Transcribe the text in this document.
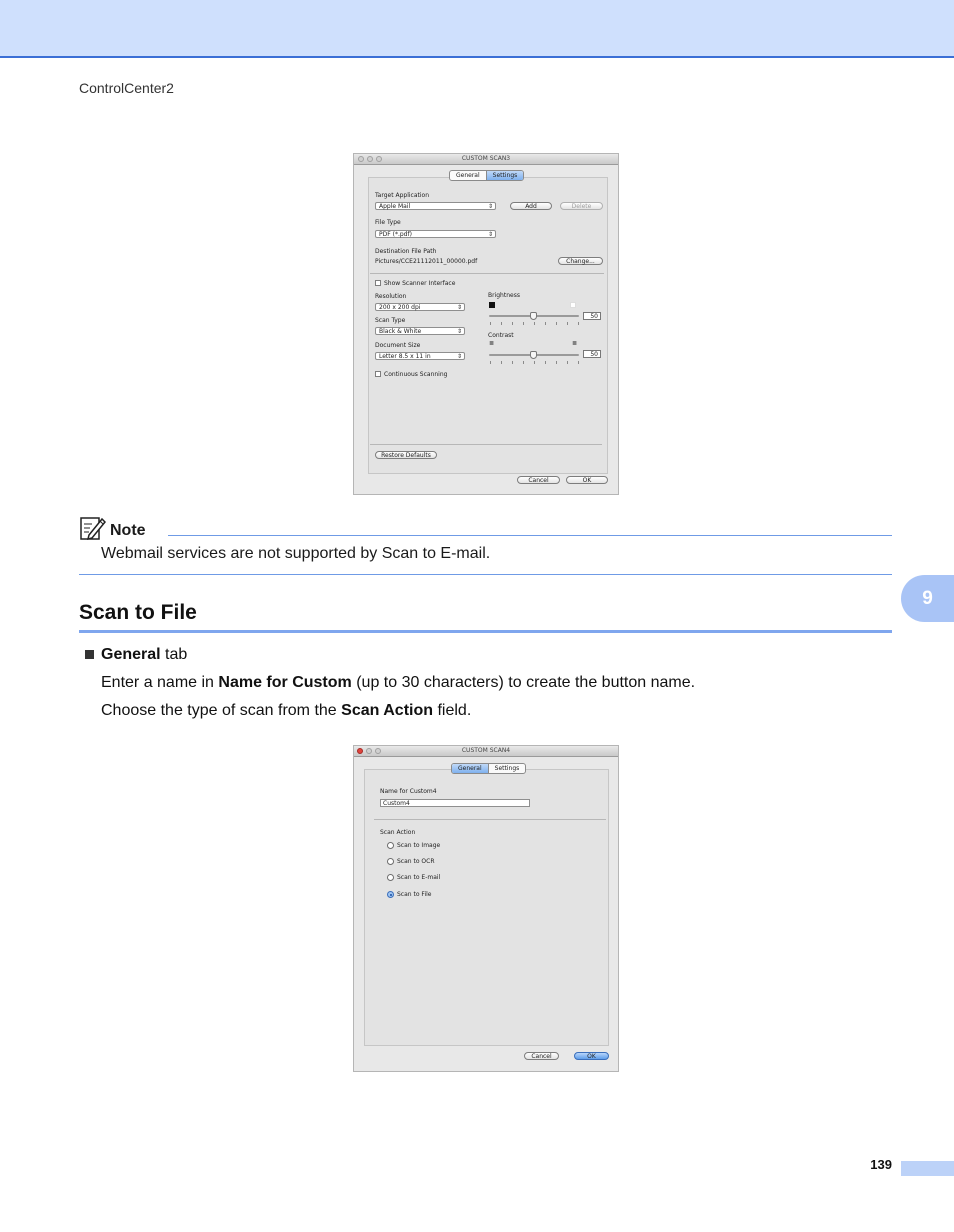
ControlCenter2
9
CUSTOM SCAN3
General	Settings
Target Application
Apple Mail ⇕	Add	Delete
File Type
PDF (*.pdf) ⇕
Destination File Path
Pictures/CCE21112011_00000.pdf	Change...
Show Scanner Interface
Resolution
200 x 200 dpi ⇕
Scan Type
Black & White ⇕
Document Size
Letter 8.5 x 11 in ⇕
Continuous Scanning
Brightness
50
Contrast
≣	≣
50
Restore Defaults
Cancel	OK
Note
Webmail services are not supported by Scan to E-mail.
Scan to File
General tab
Enter a name in Name for Custom (up to 30 characters) to create the button name.
Choose the type of scan from the Scan Action field.
CUSTOM SCAN4
General	Settings
Name for Custom4
Custom4
Scan Action
Scan to Image
Scan to OCR
Scan to E-mail
Scan to File
Cancel	OK
139
